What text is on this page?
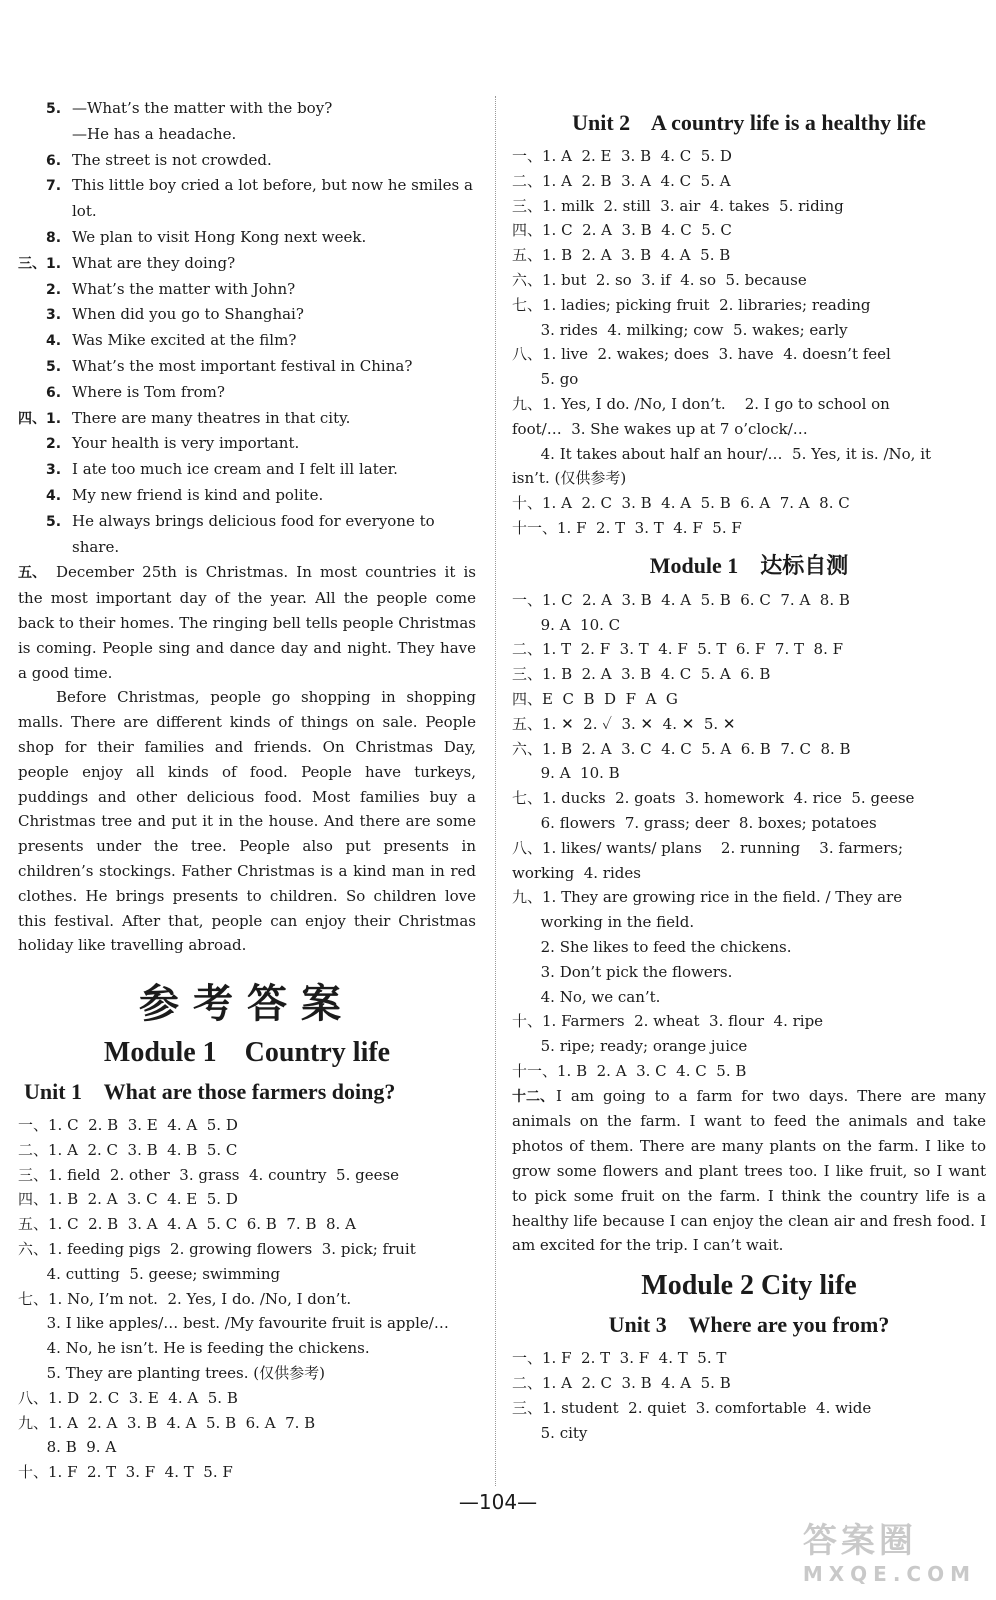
5. —What’s the matter with the boy?
—He has a headache.
6. The street is not crowded.
7. This little boy cried a lot before, but now he smiles a
lot.
8. We plan to visit Hong Kong next week.
三、1. What are they doing?
2. What’s the matter with John?
3. When did you go to Shanghai?
4. Was Mike excited at the film?
5. What’s the most important festival in China?
6. Where is Tom from?
四、1. There are many theatres in that city.
2. Your health is very important.
3. I ate too much ice cream and I felt ill later.
4. My new friend is kind and polite.
5. He always brings delicious food for everyone to
share.
五、 December 25th is Christmas. In most countries it is the most important day of the year. All the people come back to their homes. The ringing bell tells people Christmas is coming. People sing and dance day and night. They have a good time.
Before Christmas, people go shopping in shopping malls. There are different kinds of things on sale. People shop for their families and friends. On Christmas Day, people enjoy all kinds of food. People have turkeys, puddings and other delicious food. Most families buy a Christmas tree and put it in the house. And there are some presents under the tree. People also put presents in children’s stockings. Father Christmas is a kind man in red clothes. He brings presents to children. So children love this festival. After that, people can enjoy their Christmas holiday like travelling abroad.
参考答案
Module 1    Country life
Unit 1    What are those farmers doing?
一、1. C  2. B  3. E  4. A  5. D
二、1. A  2. C  3. B  4. B  5. C
三、1. field  2. other  3. grass  4. country  5. geese
四、1. B  2. A  3. C  4. E  5. D
五、1. C  2. B  3. A  4. A  5. C  6. B  7. B  8. A
六、1. feeding pigs  2. growing flowers  3. pick; fruit
4. cutting  5. geese; swimming
七、1. No, I’m not.  2. Yes, I do. /No, I don’t.
3. I like apples/… best. /My favourite fruit is apple/…
4. No, he isn’t. He is feeding the chickens.
5. They are planting trees. (仅供参考)
八、1. D  2. C  3. E  4. A  5. B
九、1. A  2. A  3. B  4. A  5. B  6. A  7. B
8. B  9. A
十、1. F  2. T  3. F  4. T  5. F
Unit 2    A country life is a healthy life
一、1. A  2. E  3. B  4. C  5. D
二、1. A  2. B  3. A  4. C  5. A
三、1. milk  2. still  3. air  4. takes  5. riding
四、1. C  2. A  3. B  4. C  5. C
五、1. B  2. A  3. B  4. A  5. B
六、1. but  2. so  3. if  4. so  5. because
七、1. ladies; picking fruit  2. libraries; reading
3. rides  4. milking; cow  5. wakes; early
八、1. live  2. wakes; does  3. have  4. doesn’t feel
5. go
九、1. Yes, I do. /No, I don’t.    2. I go to school on
foot/…  3. She wakes up at 7 o’clock/…
4. It takes about half an hour/…  5. Yes, it is. /No, it
isn’t. (仅供参考)
十、1. A  2. C  3. B  4. A  5. B  6. A  7. A  8. C
十一、1. F  2. T  3. T  4. F  5. F
Module 1    达标自测
一、1. C  2. A  3. B  4. A  5. B  6. C  7. A  8. B
9. A  10. C
二、1. T  2. F  3. T  4. F  5. T  6. F  7. T  8. F
三、1. B  2. A  3. B  4. C  5. A  6. B
四、E  C  B  D  F  A  G
五、1. ✕  2. ✓  3. ✕  4. ✕  5. ✕
六、1. B  2. A  3. C  4. C  5. A  6. B  7. C  8. B
9. A  10. B
七、1. ducks  2. goats  3. homework  4. rice  5. geese
6. flowers  7. grass; deer  8. boxes; potatoes
八、1. likes/ wants/ plans    2. running    3. farmers;
working  4. rides
九、1. They are growing rice in the field. / They are
working in the field.
2. She likes to feed the chickens.
3. Don’t pick the flowers.
4. No, we can’t.
十、1. Farmers  2. wheat  3. flour  4. ripe
5. ripe; ready; orange juice
十一、1. B  2. A  3. C  4. C  5. B
十二、 I am going to a farm for two days. There are many animals on the farm. I want to feed the animals and take photos of them. There are many plants on the farm. I like to grow some flowers and plant trees too. I like fruit, so I want to pick some fruit on the farm. I think the country life is a healthy life because I can enjoy the clean air and fresh food. I am excited for the trip. I can’t wait.
Module 2 City life
Unit 3    Where are you from?
一、1. F  2. T  3. F  4. T  5. T
二、1. A  2. C  3. B  4. A  5. B
三、1. student  2. quiet  3. comfortable  4. wide
5. city
—104—
答案圈
MXQE.COM
